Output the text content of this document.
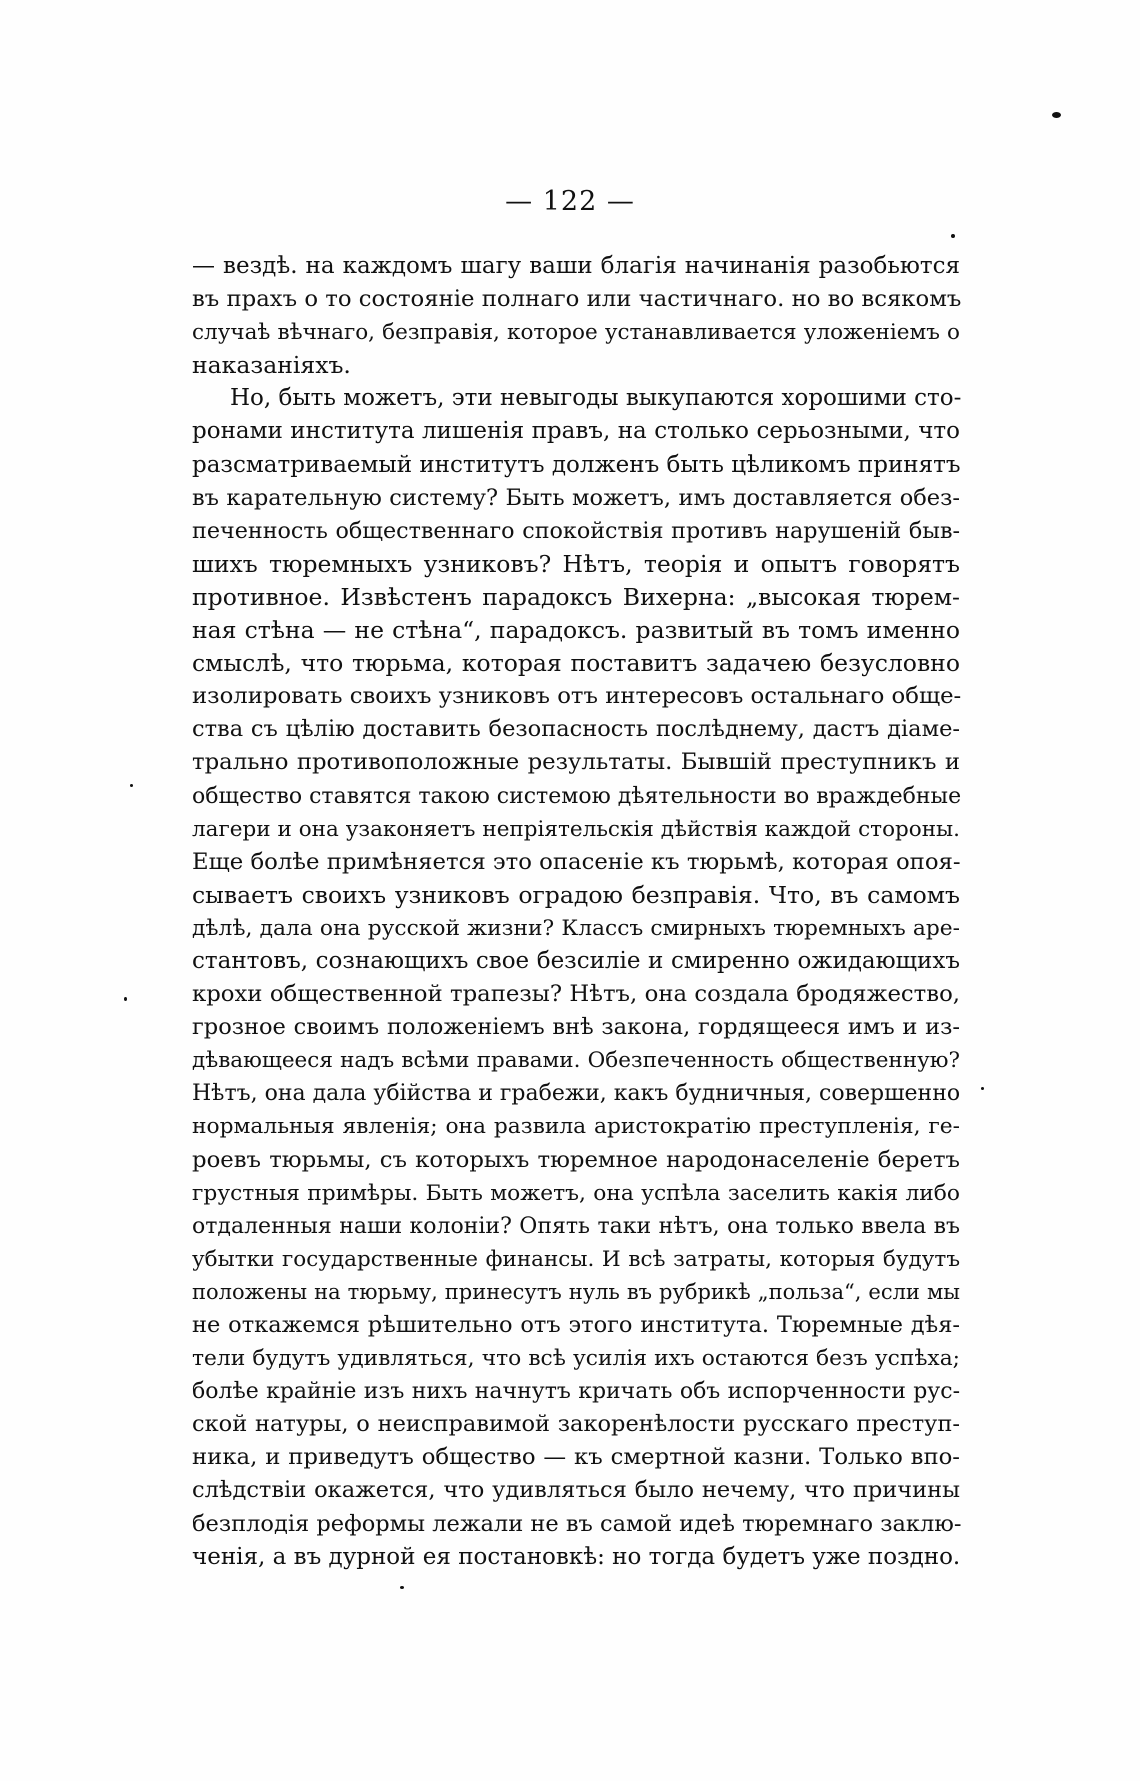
— 122 —
— вездѣ. на каждомъ шагу ваши благія начинанія разобьются
въ прахъ о то состояніе полнаго или частичнаго. но во всякомъ
случаѣ вѣчнаго, безправія, которое устанавливается уложеніемъ о
наказаніяхъ.
Но, быть можетъ, эти невыгоды выкупаются хорошими сто-
ронами института лишенія правъ, на столько серьозными, что
разсматриваемый институтъ долженъ быть цѣликомъ принятъ
въ карательную систему? Быть можетъ, имъ доставляется обез-
печенность общественнаго спокойствія противъ нарушеній быв-
шихъ тюремныхъ узниковъ? Нѣтъ, теорія и опытъ говорятъ
противное. Извѣстенъ парадоксъ Вихерна: „высокая тюрем-
ная стѣна — не стѣна“, парадоксъ. развитый въ томъ именно
смыслѣ, что тюрьма, которая поставитъ задачею безусловно
изолировать своихъ узниковъ отъ интересовъ остальнаго обще-
ства съ цѣлію доставить безопасность послѣднему, дастъ діаме-
трально противоположные результаты. Бывшій преступникъ и
общество ставятся такою системою дѣятельности во враждебные
лагери и она узаконяетъ непріятельскія дѣйствія каждой стороны.
Еще болѣе примѣняется это опасеніе къ тюрьмѣ, которая опоя-
сываетъ своихъ узниковъ оградою безправія. Что, въ самомъ
дѣлѣ, дала она русской жизни? Классъ смирныхъ тюремныхъ аре-
стантовъ, сознающихъ свое безсиліе и смиренно ожидающихъ
крохи общественной трапезы? Нѣтъ, она создала бродяжество,
грозное своимъ положеніемъ внѣ закона, гордящееся имъ и из-
дѣвающееся надъ всѣми правами. Обезпеченность общественную?
Нѣтъ, она дала убійства и грабежи, какъ будничныя, совершенно
нормальныя явленія; она развила аристократію преступленія, ге-
роевъ тюрьмы, съ которыхъ тюремное народонаселеніе беретъ
грустныя примѣры. Быть можетъ, она успѣла заселить какія либо
отдаленныя наши колоніи? Опять таки нѣтъ, она только ввела въ
убытки государственные финансы. И всѣ затраты, которыя будутъ
положены на тюрьму, принесутъ нуль въ рубрикѣ „польза“, если мы
не откажемся рѣшительно отъ этого института. Тюремные дѣя-
тели будутъ удивляться, что всѣ усилія ихъ остаются безъ успѣха;
болѣе крайніе изъ нихъ начнутъ кричать объ испорченности рус-
ской натуры, о неисправимой закоренѣлости русскаго преступ-
ника, и приведутъ общество — къ смертной казни. Только впо-
слѣдствіи окажется, что удивляться было нечему, что причины
безплодія реформы лежали не въ самой идеѣ тюремнаго заклю-
ченія, а въ дурной ея постановкѣ: но тогда будетъ уже поздно.
